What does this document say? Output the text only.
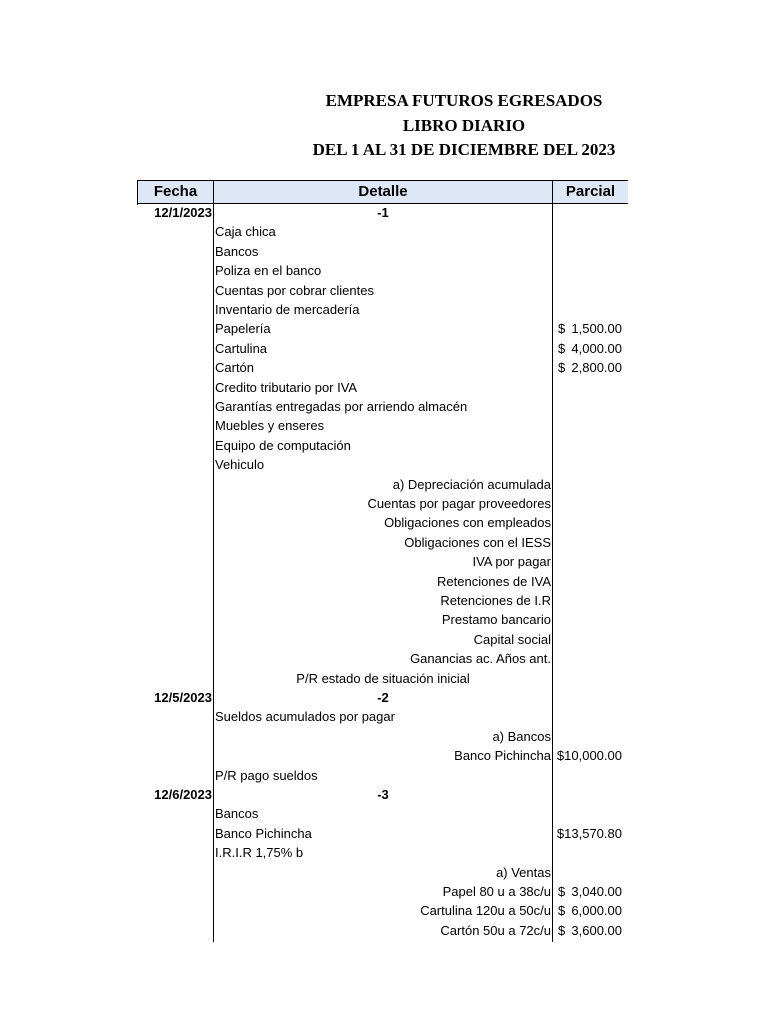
EMPRESA FUTUROS EGRESADOS
LIBRO DIARIO
DEL 1 AL 31 DE DICIEMBRE DEL 2023
Fecha	Detalle	Parcial
12/1/2023	-1
Caja chica
Bancos
Poliza en el banco
Cuentas por cobrar clientes
Inventario de mercadería
Papelería	$ 1,500.00
Cartulina	$ 4,000.00
Cartón	$ 2,800.00
Credito tributario por IVA
Garantías entregadas por arriendo almacén
Muebles y enseres
Equipo de computación
Vehiculo
a) Depreciación acumulada
Cuentas por pagar proveedores
Obligaciones con empleados
Obligaciones con el IESS
IVA por pagar
Retenciones de IVA
Retenciones de I.R
Prestamo bancario
Capital social
Ganancias ac. Años ant.
P/R estado de situación inicial
12/5/2023	-2
Sueldos acumulados por pagar
a) Bancos
Banco Pichincha $10,000.00
P/R pago sueldos
12/6/2023	-3
Bancos
Banco Pichincha	$13,570.80
I.R.I.R 1,75% b
a) Ventas
Papel 80 u a 38c/u $ 3,040.00
Cartulina 120u a 50c/u $ 6,000.00
Cartón 50u a 72c/u $ 3,600.00
